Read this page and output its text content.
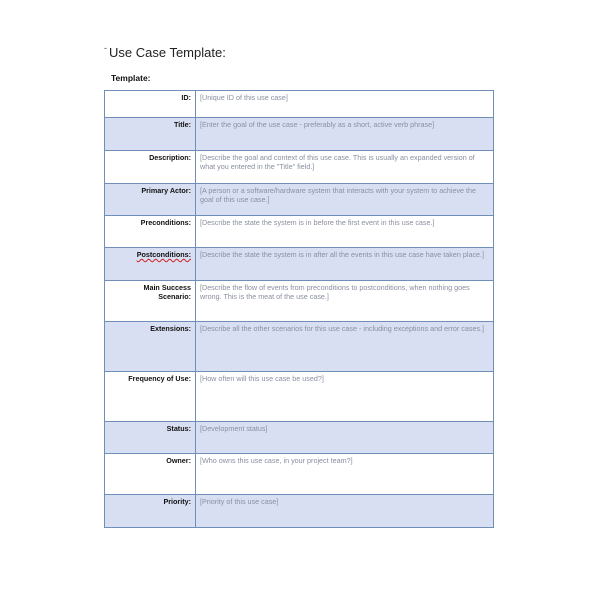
- Use Case Template:
Template:
ID:	[Unique ID of this use case]
Title:	[Enter the goal of the use case - preferably as a short, active verb phrase]
Description:	[Describe the goal and context of this use case. This is usually an expanded version of what you entered in the "Title" field.]
Primary Actor:	[A person or a software/hardware system that interacts with your system to achieve the goal of this use case.]
Preconditions:	[Describe the state the system is in before the first event in this use case.]
Postconditions:	[Describe the state the system is in after all the events in this use case have taken place.]
Main Success Scenario:	[Describe the flow of events from preconditions to postconditions, when nothing goes wrong. This is the meat of the use case.]
Extensions:	[Describe all the other scenarios for this use case - including exceptions and error cases.]
Frequency of Use:	[How often will this use case be used?]
Status:	[Development status]
Owner:	[Who owns this use case, in your project team?]
Priority:	[Priority of this use case]
